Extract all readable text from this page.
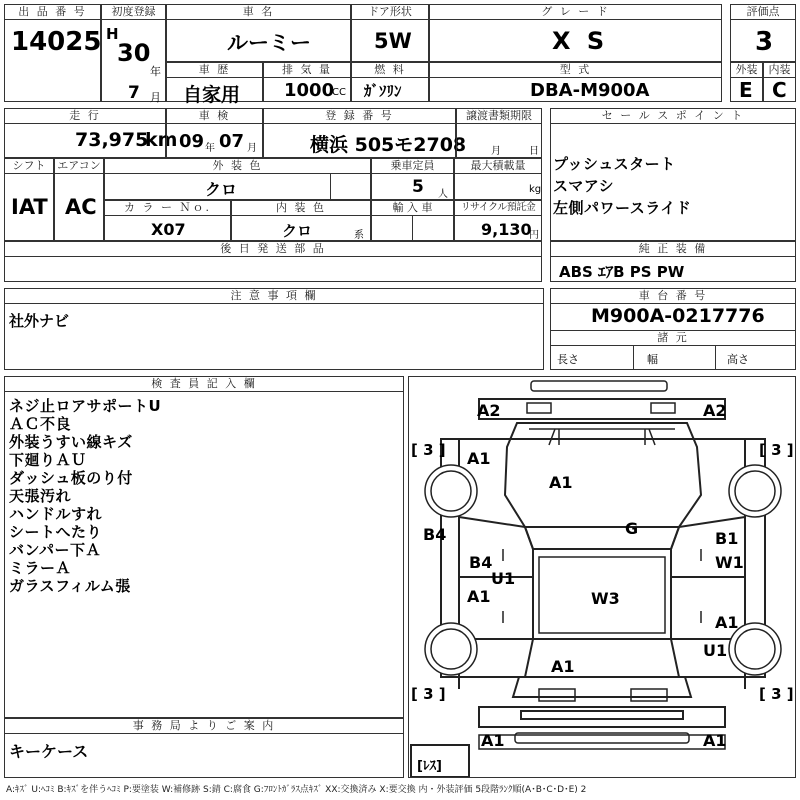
出 品 番 号
14025
初度登録
H
30
年
7 月
車 名
ルーミー
ドア形状
5W
グ レ ー ド
X S
評価点
3
車 歴
自家用
排 気 量
1000
CC
燃 料
ｶﾞｿﾘﾝ
型 式
DBA-M900A
外装
E
内装
C
走 行
73,975
km
車 検
09 年 07 月
登 録 番 号
横浜 505モ2708
譲渡書類期限
月	日
セ ー ル ス ポ イ ン ト
プッシュスタート
スマアシ
左側パワースライド
シフト
IAT
エアコン
AC
外 装 色
クロ
乗車定員
5 人
最大積載量
kg
カ ラ ー Ｎｏ.
X07
内 装 色
クロ	系
輸 入 車	リサイクル預託金
9,130
円
後 日 発 送 部 品	純 正 装 備
ABS ｴｱB PS PW
注 意 事 項 欄
社外ナビ
車 台 番 号
M900A-0217776
諸 元
長さ	幅	高さ
検 査 員 記 入 欄
ネジ止ロアサポートU
ＡＣ不良
外装うすい線キズ
下廻りＡＵ
ダッシュ板のり付
天張汚れ
ハンドルすれ
シートへたり
バンパー下Ａ
ミラーＡ
ガラスフィルム張
事 務 局 よ り ご 案 内
キーケース
A2	A2
[ 3 ]	[ 3 ]
A1
A1
G
B4	B1
B4	W1
U1
A1	W3
A1
U1
A1
[ 3 ]	[ 3 ]
A1	A1
[ﾚｽ]
A:ｷｽﾞ U:ﾍｺﾐ B:ｷｽﾞを伴うﾍｺﾐ P:要塗装 W:補修跡 S:錆 C:腐食 G:ﾌﾛﾝﾄｶﾞﾗｽ点ｷｽﾞ XX:交換済み X:要交換 内・外装評価 5段階ﾗﾝｸ順(A･B･C･D･E) 2
